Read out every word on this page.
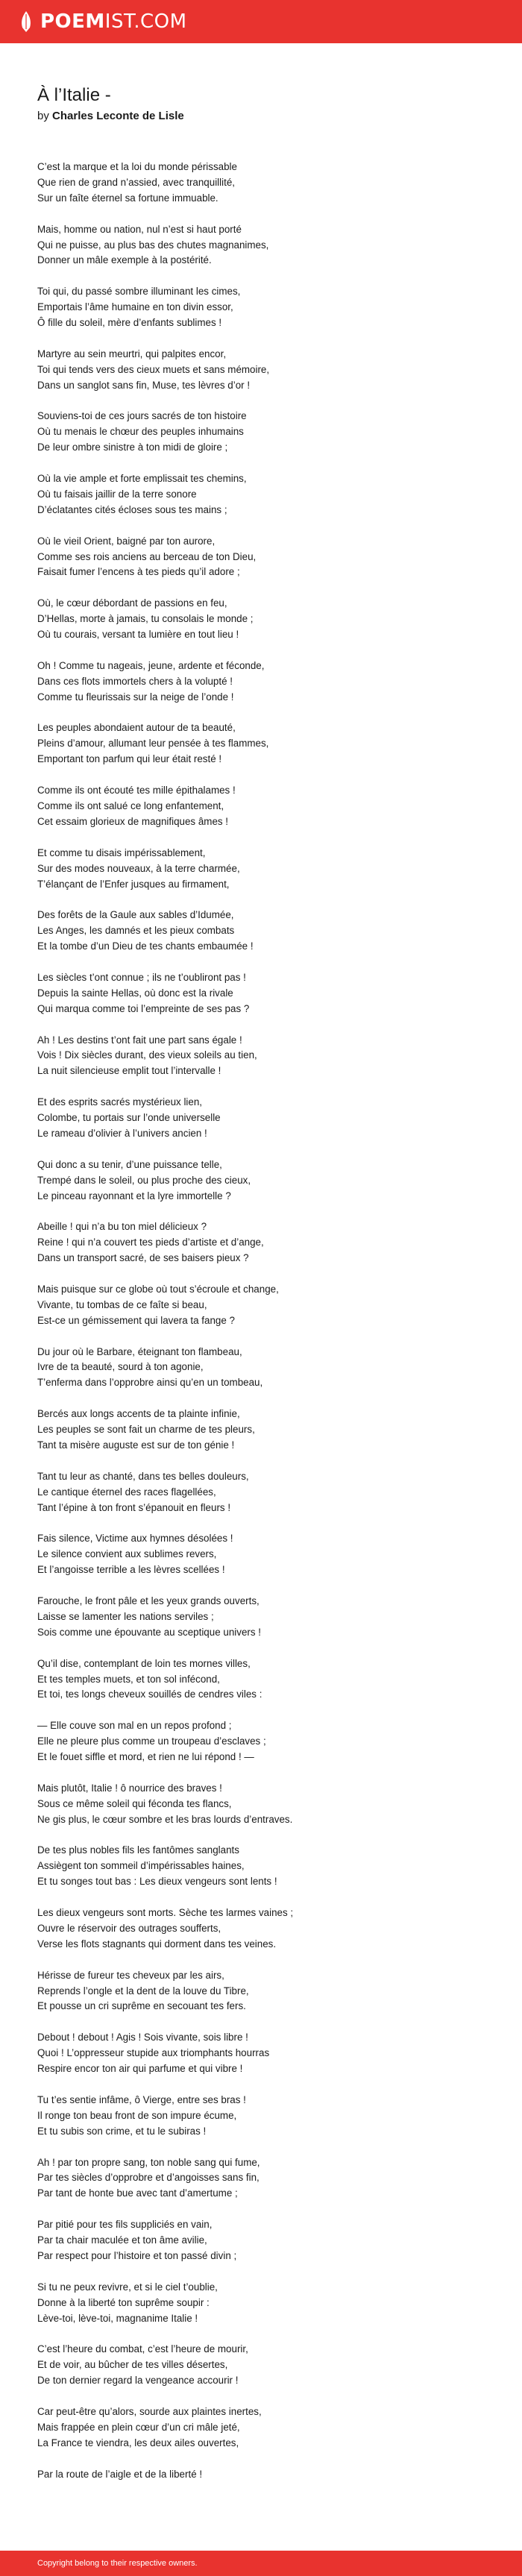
POEMIST.COM
À l’Italie -
by Charles Leconte de Lisle
C’est la marque et la loi du monde périssable
Que rien de grand n’assied, avec tranquillité,
Sur un faîte éternel sa fortune immuable.
Mais, homme ou nation, nul n’est si haut porté
Qui ne puisse, au plus bas des chutes magnanimes,
Donner un mâle exemple à la postérité.
Toi qui, du passé sombre illuminant les cimes,
Emportais l’âme humaine en ton divin essor,
Ô fille du soleil, mère d’enfants sublimes !
Martyre au sein meurtri, qui palpites encor,
Toi qui tends vers des cieux muets et sans mémoire,
Dans un sanglot sans fin, Muse, tes lèvres d’or !
Souviens-toi de ces jours sacrés de ton histoire
Où tu menais le chœur des peuples inhumains
De leur ombre sinistre à ton midi de gloire ;
Où la vie ample et forte emplissait tes chemins,
Où tu faisais jaillir de la terre sonore
D’éclatantes cités écloses sous tes mains ;
Où le vieil Orient, baigné par ton aurore,
Comme ses rois anciens au berceau de ton Dieu,
Faisait fumer l’encens à tes pieds qu’il adore ;
Où, le cœur débordant de passions en feu,
D’Hellas, morte à jamais, tu consolais le monde ;
Où tu courais, versant ta lumière en tout lieu !
Oh ! Comme tu nageais, jeune, ardente et féconde,
Dans ces flots immortels chers à la volupté !
Comme tu fleurissais sur la neige de l’onde !
Les peuples abondaient autour de ta beauté,
Pleins d’amour, allumant leur pensée à tes flammes,
Emportant ton parfum qui leur était resté !
Comme ils ont écouté tes mille épithalames !
Comme ils ont salué ce long enfantement,
Cet essaim glorieux de magnifiques âmes !
Et comme tu disais impérissablement,
Sur des modes nouveaux, à la terre charmée,
T’élançant de l’Enfer jusques au firmament,
Des forêts de la Gaule aux sables d’Idumée,
Les Anges, les damnés et les pieux combats
Et la tombe d’un Dieu de tes chants embaumée !
Les siècles t’ont connue ; ils ne t’oubliront pas !
Depuis la sainte Hellas, où donc est la rivale
Qui marqua comme toi l’empreinte de ses pas ?
Ah ! Les destins t’ont fait une part sans égale !
Vois ! Dix siècles durant, des vieux soleils au tien,
La nuit silencieuse emplit tout l’intervalle !
Et des esprits sacrés mystérieux lien,
Colombe, tu portais sur l’onde universelle
Le rameau d’olivier à l’univers ancien !
Qui donc a su tenir, d’une puissance telle,
Trempé dans le soleil, ou plus proche des cieux,
Le pinceau rayonnant et la lyre immortelle ?
Abeille ! qui n’a bu ton miel délicieux ?
Reine ! qui n’a couvert tes pieds d’artiste et d’ange,
Dans un transport sacré, de ses baisers pieux ?
Mais puisque sur ce globe où tout s’écroule et change,
Vivante, tu tombas de ce faîte si beau,
Est-ce un gémissement qui lavera ta fange ?
Du jour où le Barbare, éteignant ton flambeau,
Ivre de ta beauté, sourd à ton agonie,
T’enferma dans l’opprobre ainsi qu’en un tombeau,
Bercés aux longs accents de ta plainte infinie,
Les peuples se sont fait un charme de tes pleurs,
Tant ta misère auguste est sur de ton génie !
Tant tu leur as chanté, dans tes belles douleurs,
Le cantique éternel des races flagellées,
Tant l’épine à ton front s’épanouit en fleurs !
Fais silence, Victime aux hymnes désolées !
Le silence convient aux sublimes revers,
Et l’angoisse terrible a les lèvres scellées !
Farouche, le front pâle et les yeux grands ouverts,
Laisse se lamenter les nations serviles ;
Sois comme une épouvante au sceptique univers !
Qu’il dise, contemplant de loin tes mornes villes,
Et tes temples muets, et ton sol infécond,
Et toi, tes longs cheveux souillés de cendres viles :
— Elle couve son mal en un repos profond ;
Elle ne pleure plus comme un troupeau d’esclaves ;
Et le fouet siffle et mord, et rien ne lui répond ! —
Mais plutôt, Italie ! ô nourrice des braves !
Sous ce même soleil qui fécondа tes flancs,
Ne gis plus, le cœur sombre et les bras lourds d’entraves.
De tes plus nobles fils les fantômes sanglants
Assiègent ton sommeil d’impérissables haines,
Et tu songes tout bas : Les dieux vengeurs sont lents !
Les dieux vengeurs sont morts. Sèche tes larmes vaines ;
Ouvre le réservoir des outrages soufferts,
Verse les flots stagnants qui dorment dans tes veines.
Hérisse de fureur tes cheveux par les airs,
Reprends l’ongle et la dent de la louve du Tibre,
Et pousse un cri suprême en secouant tes fers.
Debout ! debout ! Agis ! Sois vivante, sois libre !
Quoi ! L’oppresseur stupide aux triomphants hourras
Respire encor ton air qui parfume et qui vibre !
Tu t’es sentie infâme, ô Vierge, entre ses bras !
Il ronge ton beau front de son impure écume,
Et tu subis son crime, et tu le subiras !
Ah ! par ton propre sang, ton noble sang qui fume,
Par tes siècles d’opprobre et d’angoisses sans fin,
Par tant de honte bue avec tant d’amertume ;
Par pitié pour tes fils suppliciés en vain,
Par ta chair maculée et ton âme avilie,
Par respect pour l’histoire et ton passé divin ;
Si tu ne peux revivre, et si le ciel t’oublie,
Donne à la liberté ton suprême soupir :
Lève-toi, lève-toi, magnanime Italie !
C’est l’heure du combat, c’est l’heure de mourir,
Et de voir, au bûcher de tes villes désertes,
De ton dernier regard la vengeance accourir !
Car peut-être qu’alors, sourde aux plaintes inertes,
Mais frappée en plein cœur d’un cri mâle jeté,
La France te viendra, les deux ailes ouvertes,
Par la route de l’aigle et de la liberté !
Copyright belong to their respective owners.
